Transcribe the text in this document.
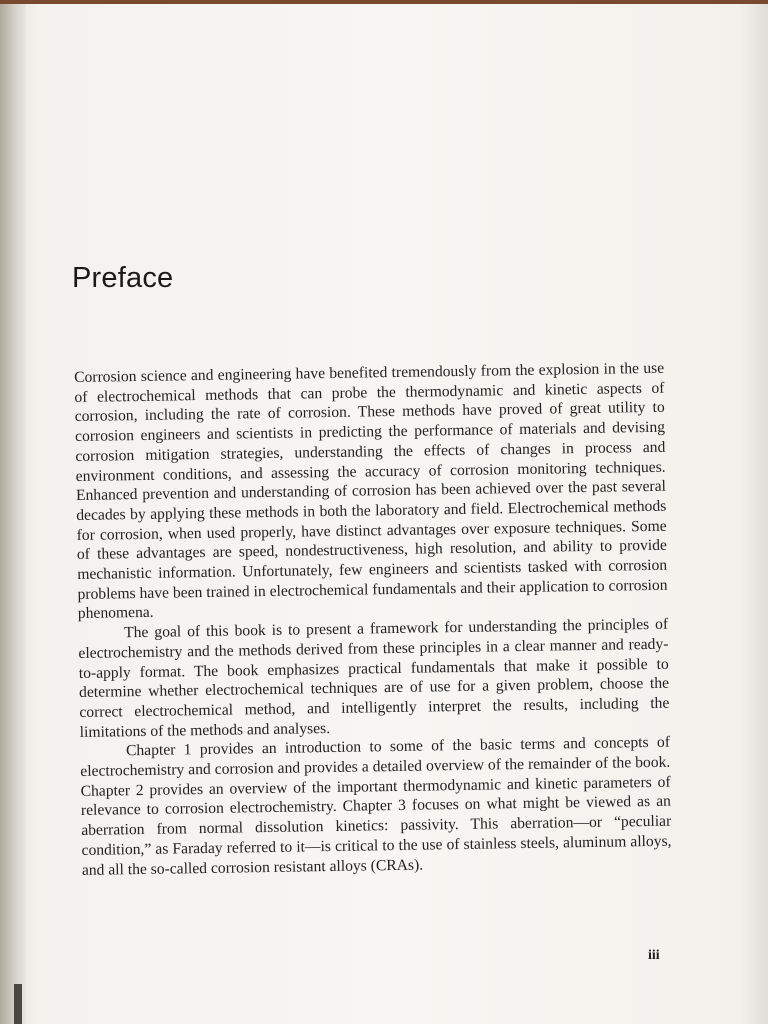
Preface

Corrosion science and engineering have benefited tremendously from the explosion in the use of electrochemical methods that can probe the thermodynamic and kinetic aspects of corrosion, including the rate of corrosion. These methods have proved of great utility to corrosion engineers and scientists in predicting the performance of materials and devising corrosion mitigation strategies, understanding the effects of changes in process and environment conditions, and assessing the accuracy of corrosion monitoring techniques. Enhanced prevention and understanding of corrosion has been achieved over the past several decades by applying these methods in both the laboratory and field. Electrochemical methods for corrosion, when used properly, have distinct advantages over exposure techniques. Some of these advantages are speed, nondestructiveness, high resolution, and ability to provide mechanistic information. Unfortunately, few engineers and scientists tasked with corrosion problems have been trained in electrochemical fundamentals and their application to corrosion phenomena.

The goal of this book is to present a framework for understanding the principles of electrochemistry and the methods derived from these principles in a clear manner and ready-to-apply format. The book emphasizes practical fundamentals that make it possible to determine whether electrochemical techniques are of use for a given problem, choose the correct electrochemical method, and intelligently interpret the results, including the limitations of the methods and analyses.

Chapter 1 provides an introduction to some of the basic terms and concepts of electrochemistry and corrosion and provides a detailed overview of the remainder of the book. Chapter 2 provides an overview of the important thermodynamic and kinetic parameters of relevance to corrosion electrochemistry. Chapter 3 focuses on what might be viewed as an aberration from normal dissolution kinetics: passivity. This aberration—or “peculiar condition,” as Faraday referred to it—is critical to the use of stainless steels, aluminum alloys, and all the so-called corrosion resistant alloys (CRAs).

iii
